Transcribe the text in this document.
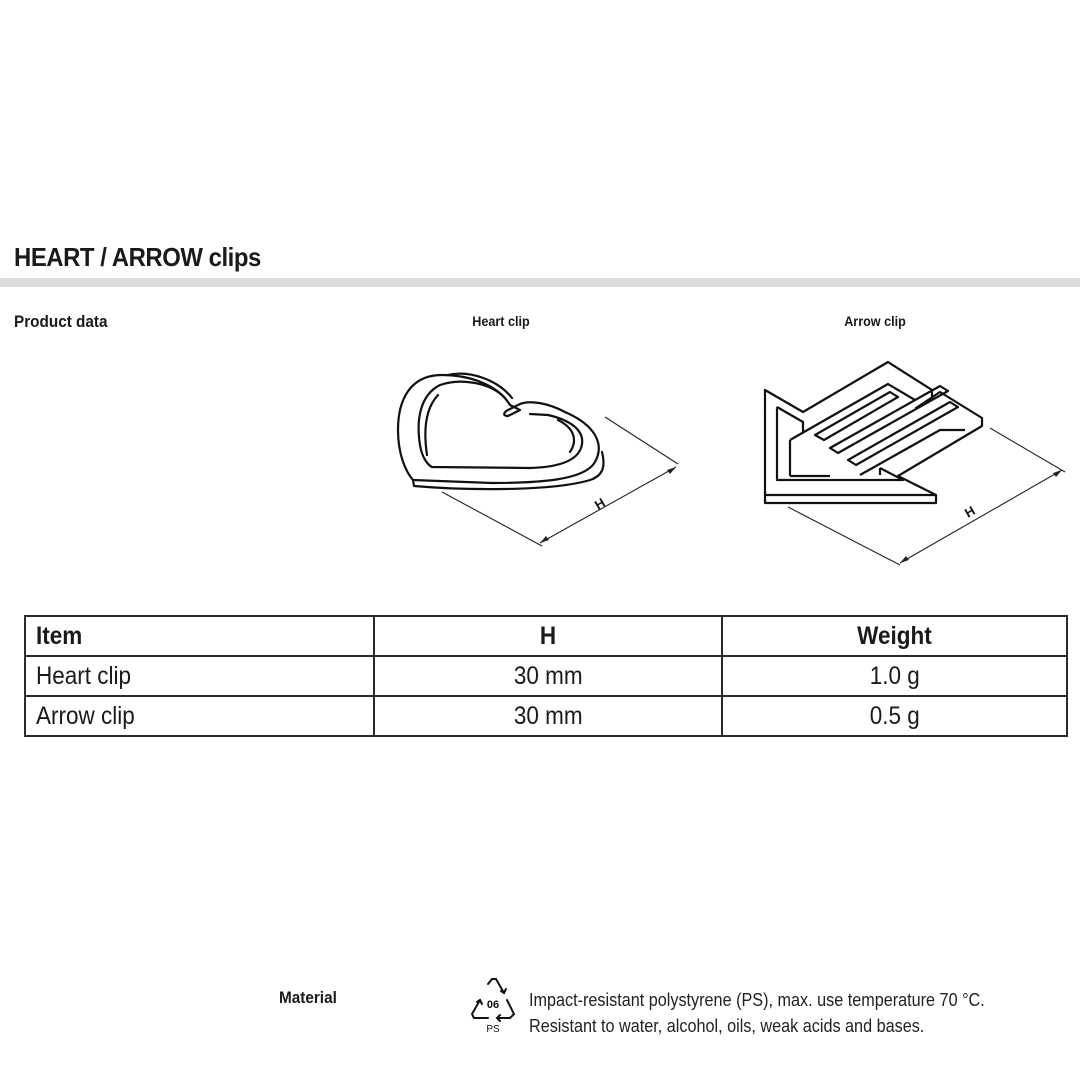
HEART / ARROW clips
Product data	Heart clip	Arrow clip
H	H
Item	H	Weight
Heart clip	30 mm	1.0 g
Arrow clip	30 mm	0.5 g
Material	06
PS
Impact-resistant polystyrene (PS), max. use temperature 70 °C.
Resistant to water, alcohol, oils, weak acids and bases.
